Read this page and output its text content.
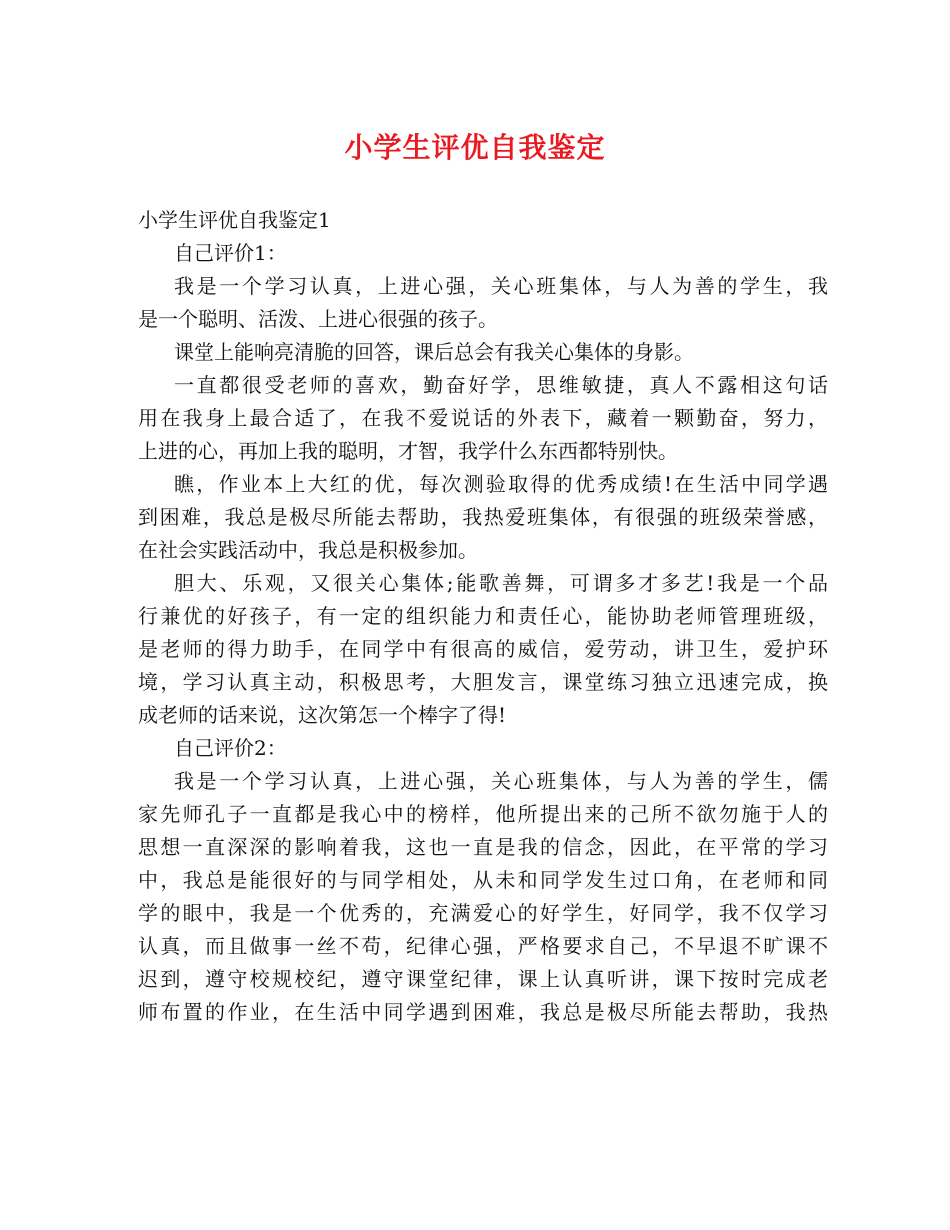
小学生评优自我鉴定
小学生评优自我鉴定1
自己评价1：
我是一个学习认真，上进心强，关心班集体，与人为善的学生，我
是一个聪明、活泼、上进心很强的孩子。
课堂上能响亮清脆的回答，课后总会有我关心集体的身影。
一直都很受老师的喜欢，勤奋好学，思维敏捷，真人不露相这句话
用在我身上最合适了，在我不爱说话的外表下，藏着一颗勤奋，努力，
上进的心，再加上我的聪明，才智，我学什么东西都特别快。
瞧，作业本上大红的优，每次测验取得的优秀成绩!在生活中同学遇
到困难，我总是极尽所能去帮助，我热爱班集体，有很强的班级荣誉感，
在社会实践活动中，我总是积极参加。
胆大、乐观，又很关心集体;能歌善舞，可谓多才多艺!我是一个品
行兼优的好孩子，有一定的组织能力和责任心，能协助老师管理班级，
是老师的得力助手，在同学中有很高的威信，爱劳动，讲卫生，爱护环
境，学习认真主动，积极思考，大胆发言，课堂练习独立迅速完成，换
成老师的话来说，这次第怎一个棒字了得!
自己评价2：
我是一个学习认真，上进心强，关心班集体，与人为善的学生，儒
家先师孔子一直都是我心中的榜样，他所提出来的己所不欲勿施于人的
思想一直深深的影响着我，这也一直是我的信念，因此，在平常的学习
中，我总是能很好的与同学相处，从未和同学发生过口角，在老师和同
学的眼中，我是一个优秀的，充满爱心的好学生，好同学，我不仅学习
认真，而且做事一丝不苟，纪律心强，严格要求自己，不早退不旷课不
迟到，遵守校规校纪，遵守课堂纪律，课上认真听讲，课下按时完成老
师布置的作业，在生活中同学遇到困难，我总是极尽所能去帮助，我热
